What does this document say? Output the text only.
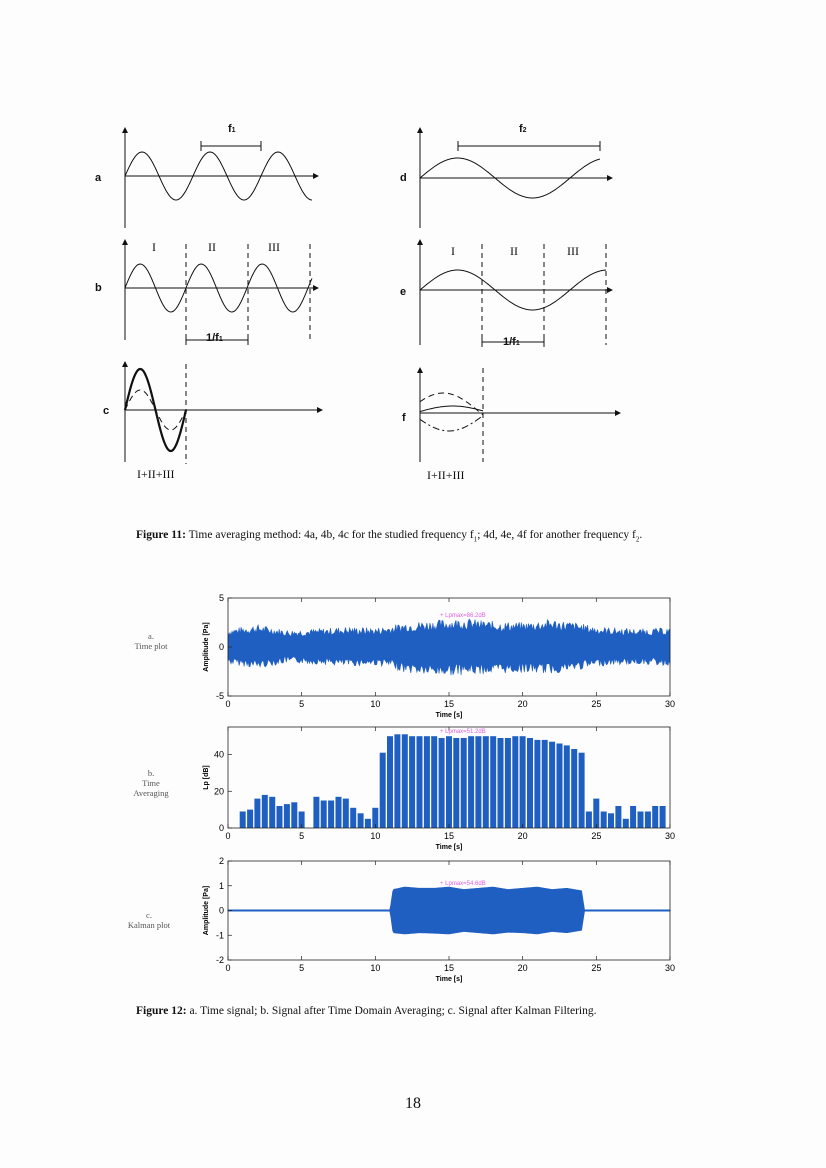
a
b
c
d
e
f
f1	f2
I	II	III	I	II	III
1/f1	1/f1
I+II+III	I+II+III
Figure 11: Time averaging method: 4a, 4b, 4c for the studied frequency $f_1$; 4d, 4e, 4f for another frequency $f_2$.
a.
Time plot
b.
Time
Averaging
c.
Kalman plot
0	5	10	15	20	25	30
-5
0
5
Time [s]
Amplitude [Pa]
+ Lpmax=86.2dB
0	5	10	15	20	25	30
0
20
40
Time [s]
Lp [dB]
+ Lpmax=51.2dB
0	5	10	15	20	25	30
-2
-1
0
1
2
Time [s]
Amplitude [Pa]
+ Lpmax=54.6dB
Figure 12: a. Time signal; b. Signal after Time Domain Averaging; c. Signal after Kalman Filtering.
18
